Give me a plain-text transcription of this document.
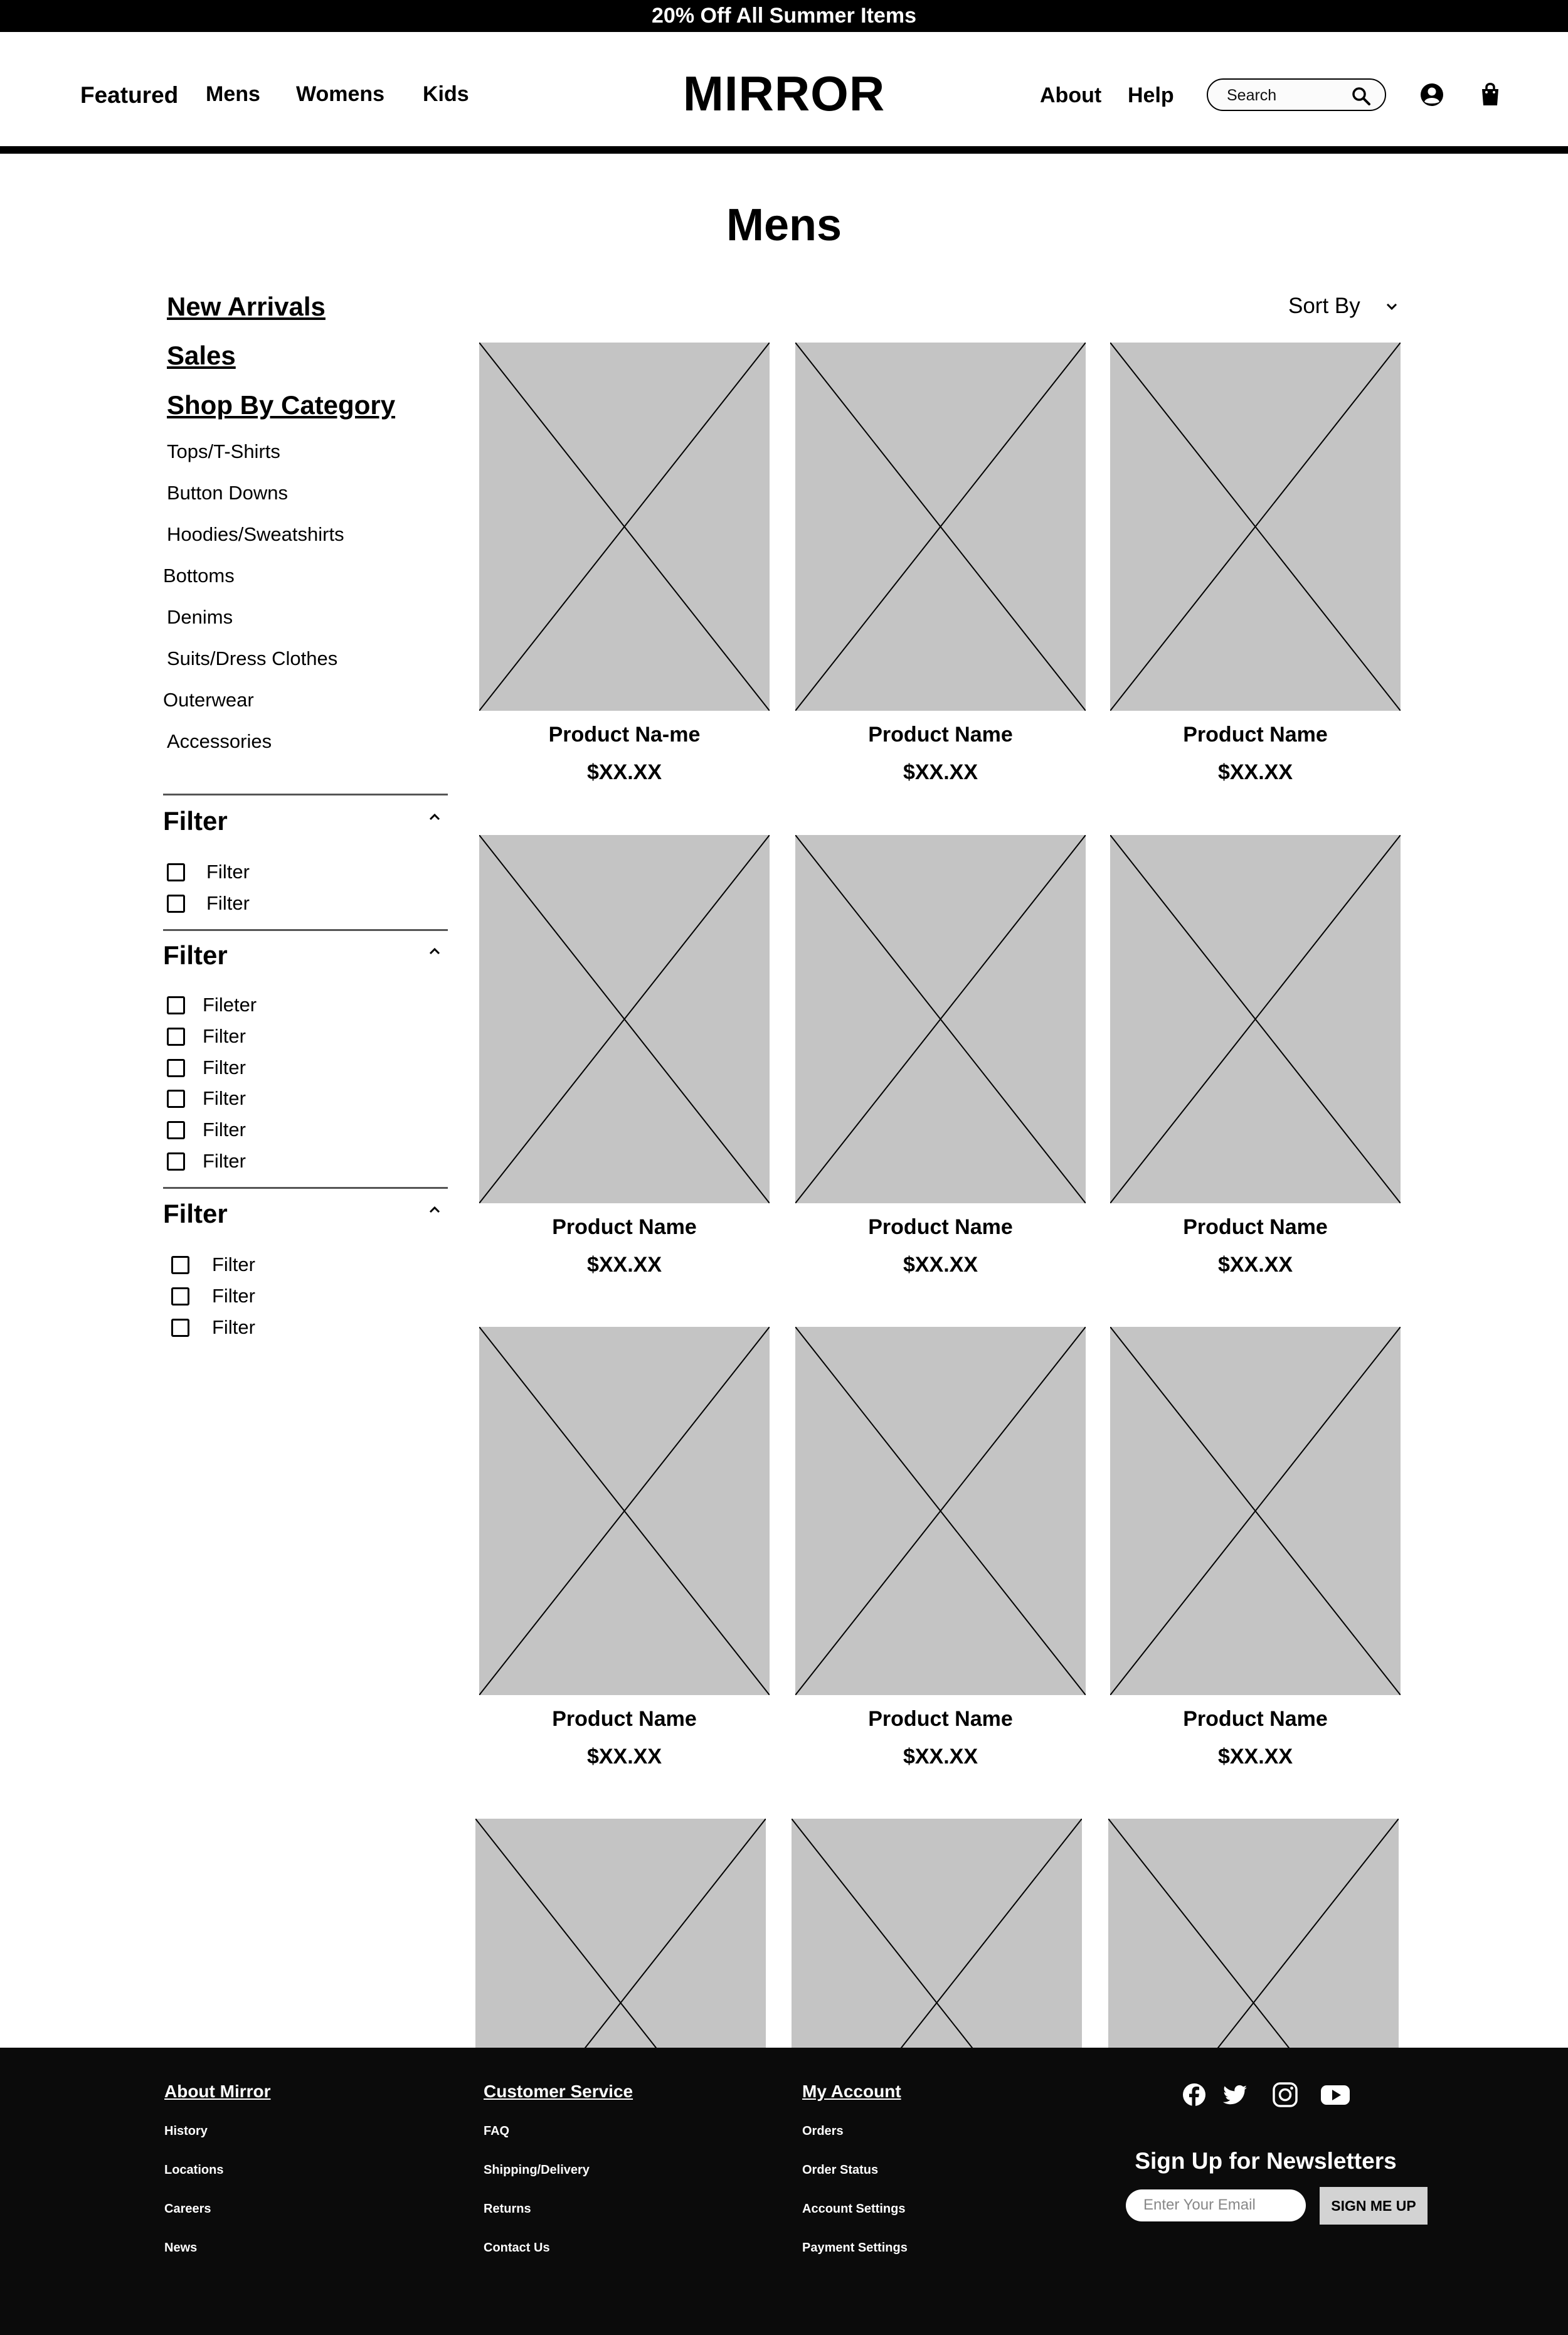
20% Off All Summer Items
Featured Mens Womens Kids	MIRROR	About Help
Search
Mens
New Arrivals
Sales
Shop By Category
Tops/T-Shirts
Button Downs
Hoodies/Sweatshirts
Bottoms
Denims
Suits/Dress Clothes
Outerwear
Accessories
Filter
Filter
Filter
Filter
Fileter
Filter
Filter
Filter
Filter
Filter
Filter
Filter
Filter
Filter
Sort By
Product Na-me
$XX.XX
Product Name
$XX.XX
Product Name
$XX.XX
Product Name
$XX.XX
Product Name
$XX.XX
Product Name
$XX.XX
Product Name
$XX.XX
Product Name
$XX.XX
Product Name
$XX.XX
About Mirror
History
Locations
Careers
News
Customer Service
FAQ
Shipping/Delivery
Returns
Contact Us
My Account
Orders
Order Status
Account Settings
Payment Settings
Sign Up for Newsletters
Enter Your Email
SIGN ME UP
